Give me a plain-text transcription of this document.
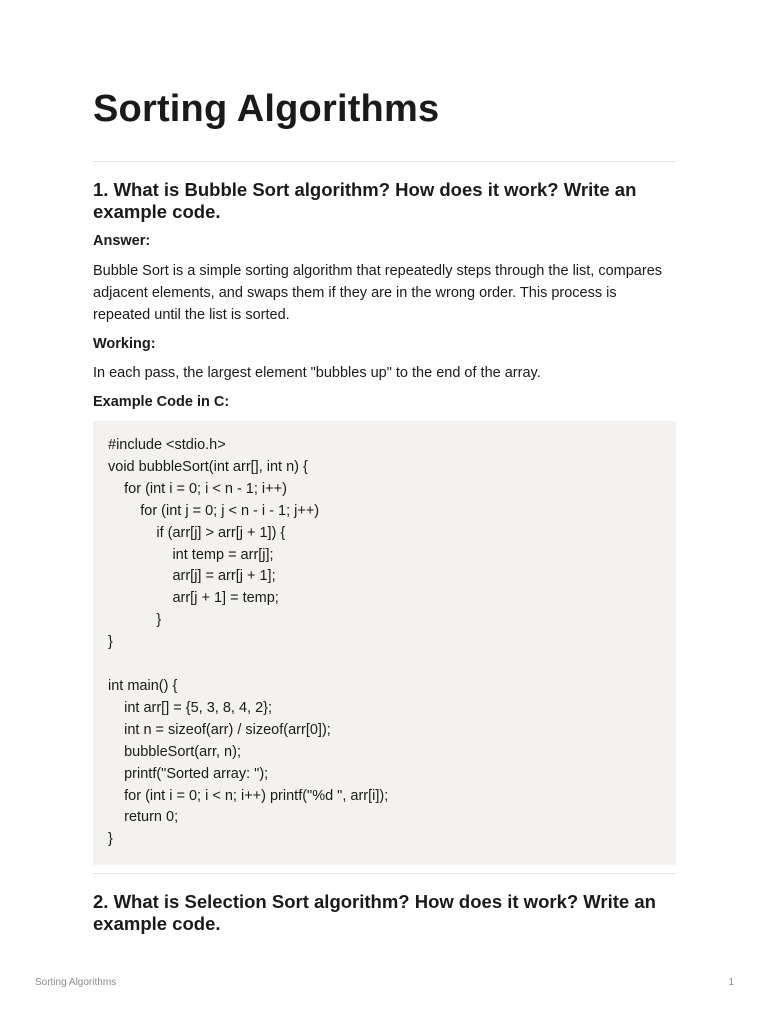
Sorting Algorithms
1. What is Bubble Sort algorithm? How does it work? Write an example code.

Answer:

Bubble Sort is a simple sorting algorithm that repeatedly steps through the list, compares adjacent elements, and swaps them if they are in the wrong order. This process is repeated until the list is sorted.

Working:

In each pass, the largest element "bubbles up" to the end of the array.

Example Code in C:

#include <stdio.h>
void bubbleSort(int arr[], int n) {
for (int i = 0; i < n - 1; i++)
for (int j = 0; j < n - i - 1; j++)
if (arr[j] > arr[j + 1]) {
int temp = arr[j];
arr[j] = arr[j + 1];
arr[j + 1] = temp;
}
}

int main() {
int arr[] = {5, 3, 8, 4, 2};
int n = sizeof(arr) / sizeof(arr[0]);
bubbleSort(arr, n);
printf("Sorted array: ");
for (int i = 0; i < n; i++) printf("%d ", arr[i]);
return 0;
}
2. What is Selection Sort algorithm? How does it work? Write an example code.
Sorting Algorithms	1
